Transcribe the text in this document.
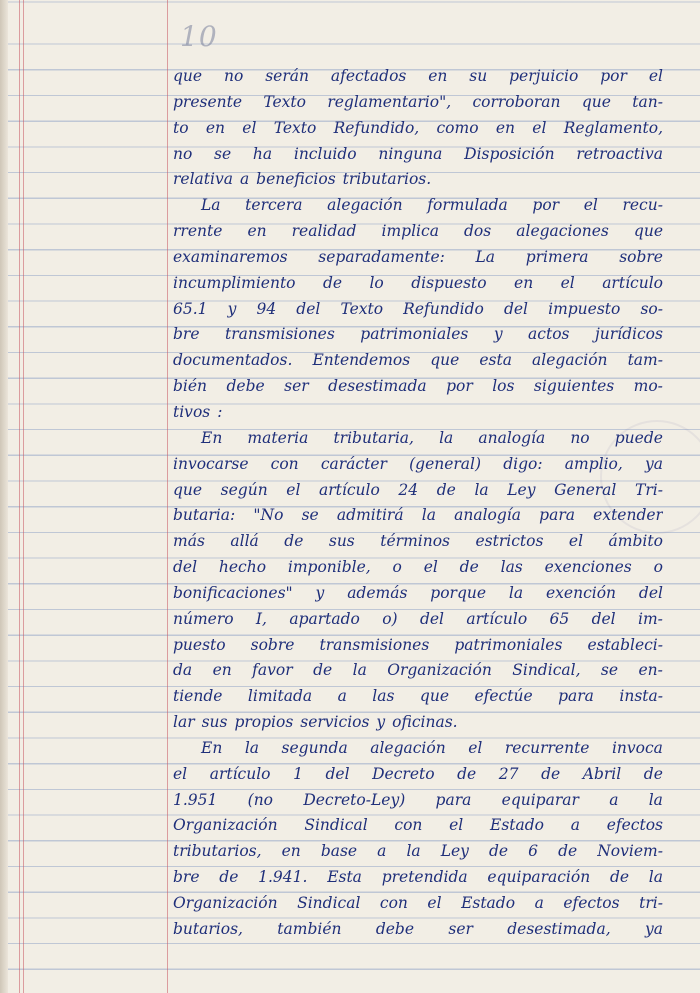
10
que no serán afectados en su perjuicio por el
presente Texto reglamentario", corroboran que tan-
to en el Texto Refundido, como en el Reglamento,
no se ha incluido ninguna Disposición retroactiva
relativa a beneficios tributarios.
La tercera alegación formulada por el recu-
rrente en realidad implica dos alegaciones que
examinaremos separadamente: La primera sobre
incumplimiento de lo dispuesto en el artículo
65.1 y 94 del Texto Refundido del impuesto so-
bre transmisiones patrimoniales y actos jurídicos
documentados. Entendemos que esta alegación tam-
bién debe ser desestimada por los siguientes mo-
tivos :
En materia tributaria, la analogía no puede
invocarse con carácter (general) digo: amplio, ya
que según el artículo 24 de la Ley General Tri-
butaria: "No se admitirá la analogía para extender
más allá de sus términos estrictos el ámbito
del hecho imponible, o el de las exenciones o
bonificaciones" y además porque la exención del
número I, apartado o) del artículo 65 del im-
puesto sobre transmisiones patrimoniales estableci-
da en favor de la Organización Sindical, se en-
tiende limitada a las que efectúe para insta-
lar sus propios servicios y oficinas.
En la segunda alegación el recurrente invoca
el artículo 1 del Decreto de 27 de Abril de
1.951 (no Decreto-Ley) para equiparar a la
Organización Sindical con el Estado a efectos
tributarios, en base a la Ley de 6 de Noviem-
bre de 1.941. Esta pretendida equiparación de la
Organización Sindical con el Estado a efectos tri-
butarios, también debe ser desestimada, ya
